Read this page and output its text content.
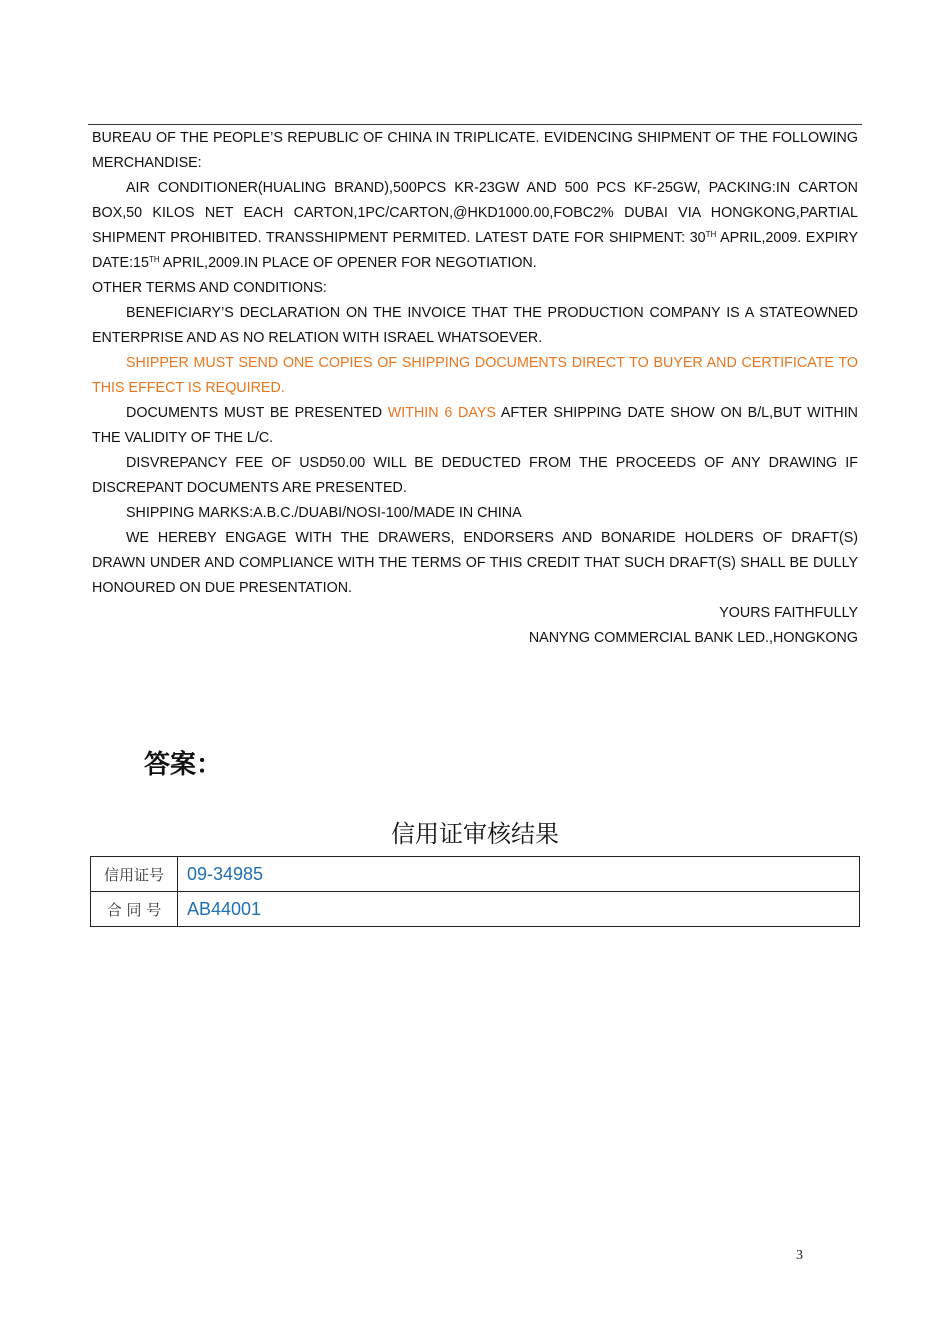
BUREAU OF THE PEOPLE’S REPUBLIC OF CHINA IN TRIPLICATE. EVIDENCING SHIPMENT OF THE FOLLOWING MERCHANDISE:

AIR CONDITIONER(HUALING BRAND),500PCS KR-23GW AND 500 PCS KF-25GW, PACKING:IN CARTON BOX,50 KILOS NET EACH CARTON,1PC/CARTON,@HKD1000.00,FOBC2% DUBAI VIA HONGKONG,PARTIAL SHIPMENT PROHIBITED. TRANSSHIPMENT PERMITED. LATEST DATE FOR SHIPMENT: 30TH APRIL,2009. EXPIRY DATE:15TH APRIL,2009.IN PLACE OF OPENER FOR NEGOTIATION.

OTHER TERMS AND CONDITIONS:

BENEFICIARY’S DECLARATION ON THE INVOICE THAT THE PRODUCTION COMPANY IS A STATEOWNED ENTERPRISE AND AS NO RELATION WITH ISRAEL WHATSOEVER.

SHIPPER MUST SEND ONE COPIES OF SHIPPING DOCUMENTS DIRECT TO BUYER AND CERTIFICATE TO THIS EFFECT IS REQUIRED.

DOCUMENTS MUST BE PRESENTED WITHIN 6 DAYS AFTER SHIPPING DATE SHOW ON B/L,BUT WITHIN THE VALIDITY OF THE L/C.

DISVREPANCY FEE OF USD50.00 WILL BE DEDUCTED FROM THE PROCEEDS OF ANY DRAWING IF DISCREPANT DOCUMENTS ARE PRESENTED.

SHIPPING MARKS:A.B.C./DUABI/NOSI-100/MADE IN CHINA

WE HEREBY ENGAGE WITH THE DRAWERS, ENDORSERS AND BONARIDE HOLDERS OF DRAFT(S) DRAWN UNDER AND COMPLIANCE WITH THE TERMS OF THIS CREDIT THAT SUCH DRAFT(S) SHALL BE DULLY HONOURED ON DUE PRESENTATION.

YOURS FAITHFULLY

NANYNG COMMERCIAL BANK LED.,HONGKONG

答案：
信用证审核结果
信用证号	09-34985
合 同 号	AB44001
3
